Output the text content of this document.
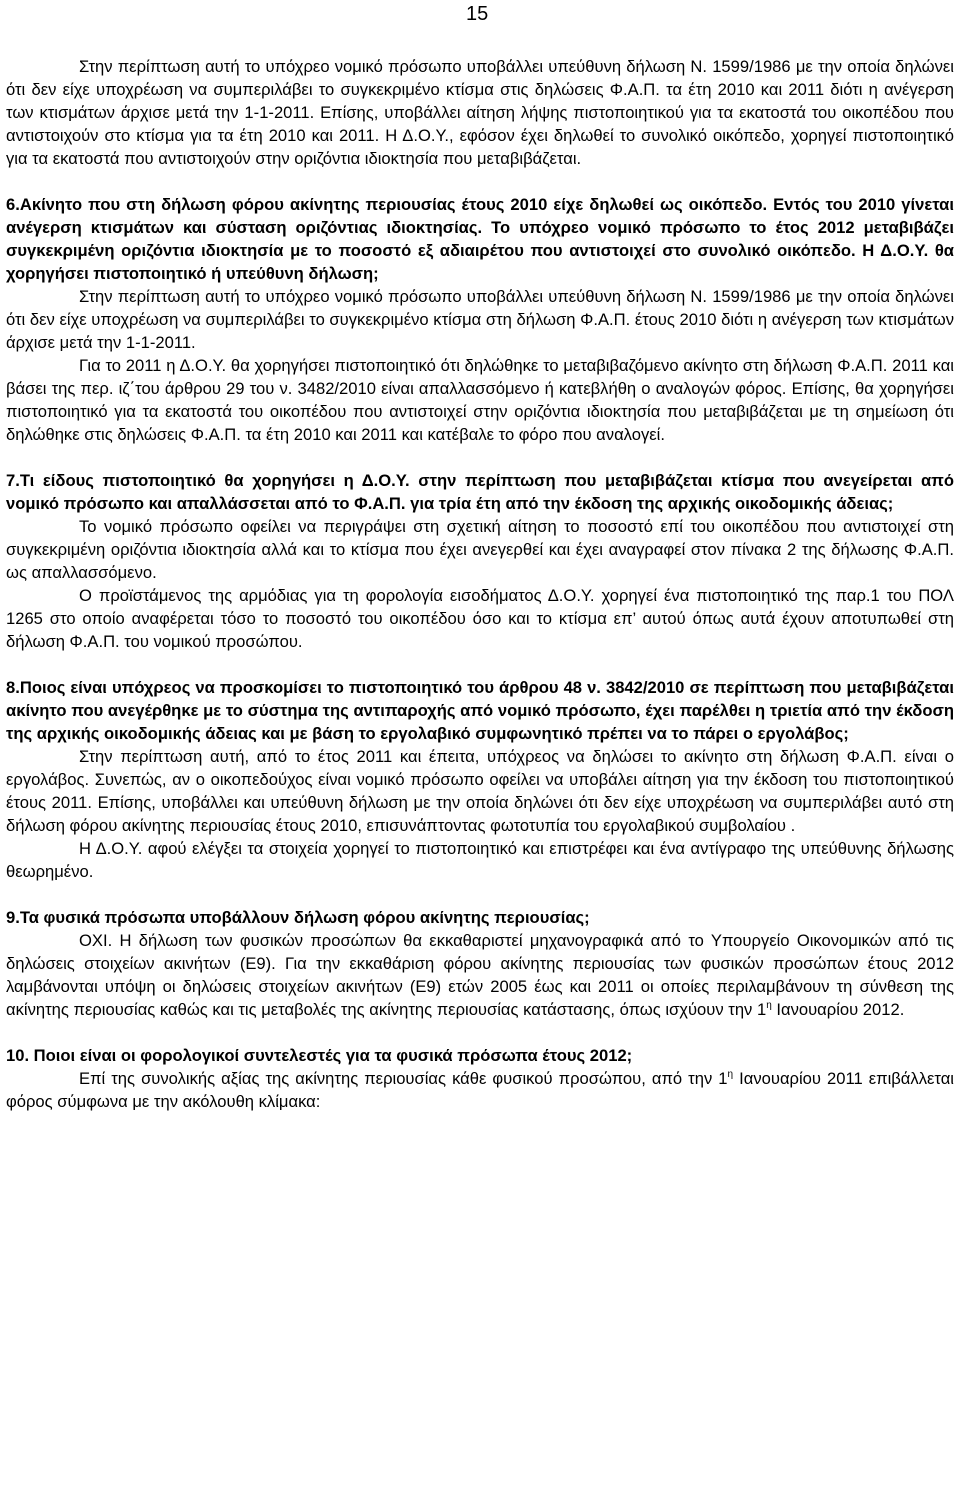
15

Στην περίπτωση αυτή το υπόχρεο νομικό πρόσωπο υποβάλλει υπεύθυνη δήλωση Ν. 1599/1986 με την οποία δηλώνει ότι δεν είχε υποχρέωση να συμπεριλάβει το συγκεκριμένο κτίσμα στις δηλώσεις Φ.Α.Π. τα έτη 2010 και 2011 διότι η ανέγερση των κτισμάτων άρχισε μετά την 1-1-2011. Επίσης, υποβάλλει αίτηση λήψης πιστοποιητικού για τα εκατοστά του οικοπέδου που αντιστοιχούν στο κτίσμα για τα έτη 2010 και 2011. Η Δ.Ο.Υ., εφόσον έχει δηλωθεί το συνολικό οικόπεδο, χορηγεί πιστοποιητικό για τα εκατοστά που αντιστοιχούν στην οριζόντια ιδιοκτησία που μεταβιβάζεται.

6.Ακίνητο που στη δήλωση φόρου ακίνητης περιουσίας έτους 2010 είχε δηλωθεί ως οικόπεδο. Εντός του 2010 γίνεται ανέγερση κτισμάτων και σύσταση οριζόντιας ιδιοκτησίας. Το υπόχρεο νομικό πρόσωπο το έτος 2012 μεταβιβάζει συγκεκριμένη οριζόντια ιδιοκτησία με το ποσοστό εξ αδιαιρέτου που αντιστοιχεί στο συνολικό οικόπεδο. Η Δ.Ο.Υ. θα χορηγήσει πιστοποιητικό ή υπεύθυνη δήλωση;

Στην περίπτωση αυτή το υπόχρεο νομικό πρόσωπο υποβάλλει υπεύθυνη δήλωση Ν. 1599/1986 με την οποία δηλώνει ότι δεν είχε υποχρέωση να συμπεριλάβει το συγκεκριμένο κτίσμα στη δήλωση Φ.Α.Π. έτους 2010 διότι η ανέγερση των κτισμάτων άρχισε μετά την 1-1-2011.

Για το 2011 η Δ.Ο.Υ. θα χορηγήσει πιστοποιητικό ότι δηλώθηκε το μεταβιβαζόμενο ακίνητο στη δήλωση Φ.Α.Π. 2011 και βάσει της περ. ιζ΄του άρθρου 29 του ν. 3482/2010 είναι απαλλασσόμενο ή κατεβλήθη ο αναλογών φόρος. Επίσης, θα χορηγήσει πιστοποιητικό για τα εκατοστά του οικοπέδου που αντιστοιχεί στην οριζόντια ιδιοκτησία που μεταβιβάζεται με τη σημείωση ότι δηλώθηκε στις δηλώσεις Φ.Α.Π. τα έτη 2010 και 2011 και κατέβαλε το φόρο που αναλογεί.

7.Τι είδους πιστοποιητικό θα χορηγήσει η Δ.Ο.Υ. στην περίπτωση που μεταβιβάζεται κτίσμα που ανεγείρεται από νομικό πρόσωπο και απαλλάσσεται από το Φ.Α.Π. για τρία έτη από την έκδοση της αρχικής οικοδομικής άδειας;

Το νομικό πρόσωπο οφείλει να περιγράψει στη σχετική αίτηση το ποσοστό επί του οικοπέδου που αντιστοιχεί στη συγκεκριμένη οριζόντια ιδιοκτησία αλλά και το κτίσμα που έχει ανεγερθεί και έχει αναγραφεί στον πίνακα 2 της δήλωσης Φ.Α.Π. ως απαλλασσόμενο.

Ο προϊστάμενος της αρμόδιας για τη φορολογία εισοδήματος Δ.Ο.Υ. χορηγεί ένα πιστοποιητικό της παρ.1 του ΠΟΛ 1265 στο οποίο αναφέρεται τόσο το ποσοστό του οικοπέδου όσο και το κτίσμα επ’ αυτού όπως αυτά έχουν αποτυπωθεί στη δήλωση Φ.Α.Π. του νομικού προσώπου.

8.Ποιος είναι υπόχρεος να προσκομίσει το πιστοποιητικό του άρθρου 48 ν. 3842/2010 σε περίπτωση που μεταβιβάζεται ακίνητο που ανεγέρθηκε με το σύστημα της αντιπαροχής από νομικό πρόσωπο, έχει παρέλθει η τριετία από την έκδοση της αρχικής οικοδομικής άδειας και με βάση το εργολαβικό συμφωνητικό πρέπει να το πάρει ο εργολάβος;

Στην περίπτωση αυτή, από το έτος 2011 και έπειτα, υπόχρεος να δηλώσει το ακίνητο στη δήλωση Φ.Α.Π. είναι ο εργολάβος. Συνεπώς, αν ο οικοπεδούχος είναι νομικό πρόσωπο οφείλει να υποβάλει αίτηση για την έκδοση του πιστοποιητικού έτους 2011. Επίσης, υποβάλλει και υπεύθυνη δήλωση με την οποία δηλώνει ότι δεν είχε υποχρέωση να συμπεριλάβει αυτό στη δήλωση φόρου ακίνητης περιουσίας έτους 2010, επισυνάπτοντας φωτοτυπία του εργολαβικού συμβολαίου .

Η Δ.Ο.Υ. αφού ελέγξει τα στοιχεία χορηγεί το πιστοποιητικό και επιστρέφει και ένα αντίγραφο της υπεύθυνης δήλωσης θεωρημένο.

9.Τα φυσικά πρόσωπα υποβάλλουν δήλωση φόρου ακίνητης περιουσίας;

ΟΧΙ. Η δήλωση των φυσικών προσώπων θα εκκαθαριστεί μηχανογραφικά από το Υπουργείο Οικονομικών από τις δηλώσεις στοιχείων ακινήτων (Ε9). Για την εκκαθάριση φόρου ακίνητης περιουσίας των φυσικών προσώπων έτους 2012 λαμβάνονται υπόψη οι δηλώσεις στοιχείων ακινήτων (Ε9) ετών 2005 έως και 2011 οι οποίες περιλαμβάνουν τη σύνθεση της ακίνητης περιουσίας καθώς και τις μεταβολές της ακίνητης περιουσίας κατάστασης, όπως ισχύουν την $1^\eta$ Ιανουαρίου 2012.

10. Ποιοι είναι οι φορολογικοί συντελεστές για τα φυσικά πρόσωπα έτους 2012;

Επί της συνολικής αξίας της ακίνητης περιουσίας κάθε φυσικού προσώπου, από την $1^\eta$ Ιανουαρίου 2011 επιβάλλεται φόρος σύμφωνα με την ακόλουθη κλίμακα:
